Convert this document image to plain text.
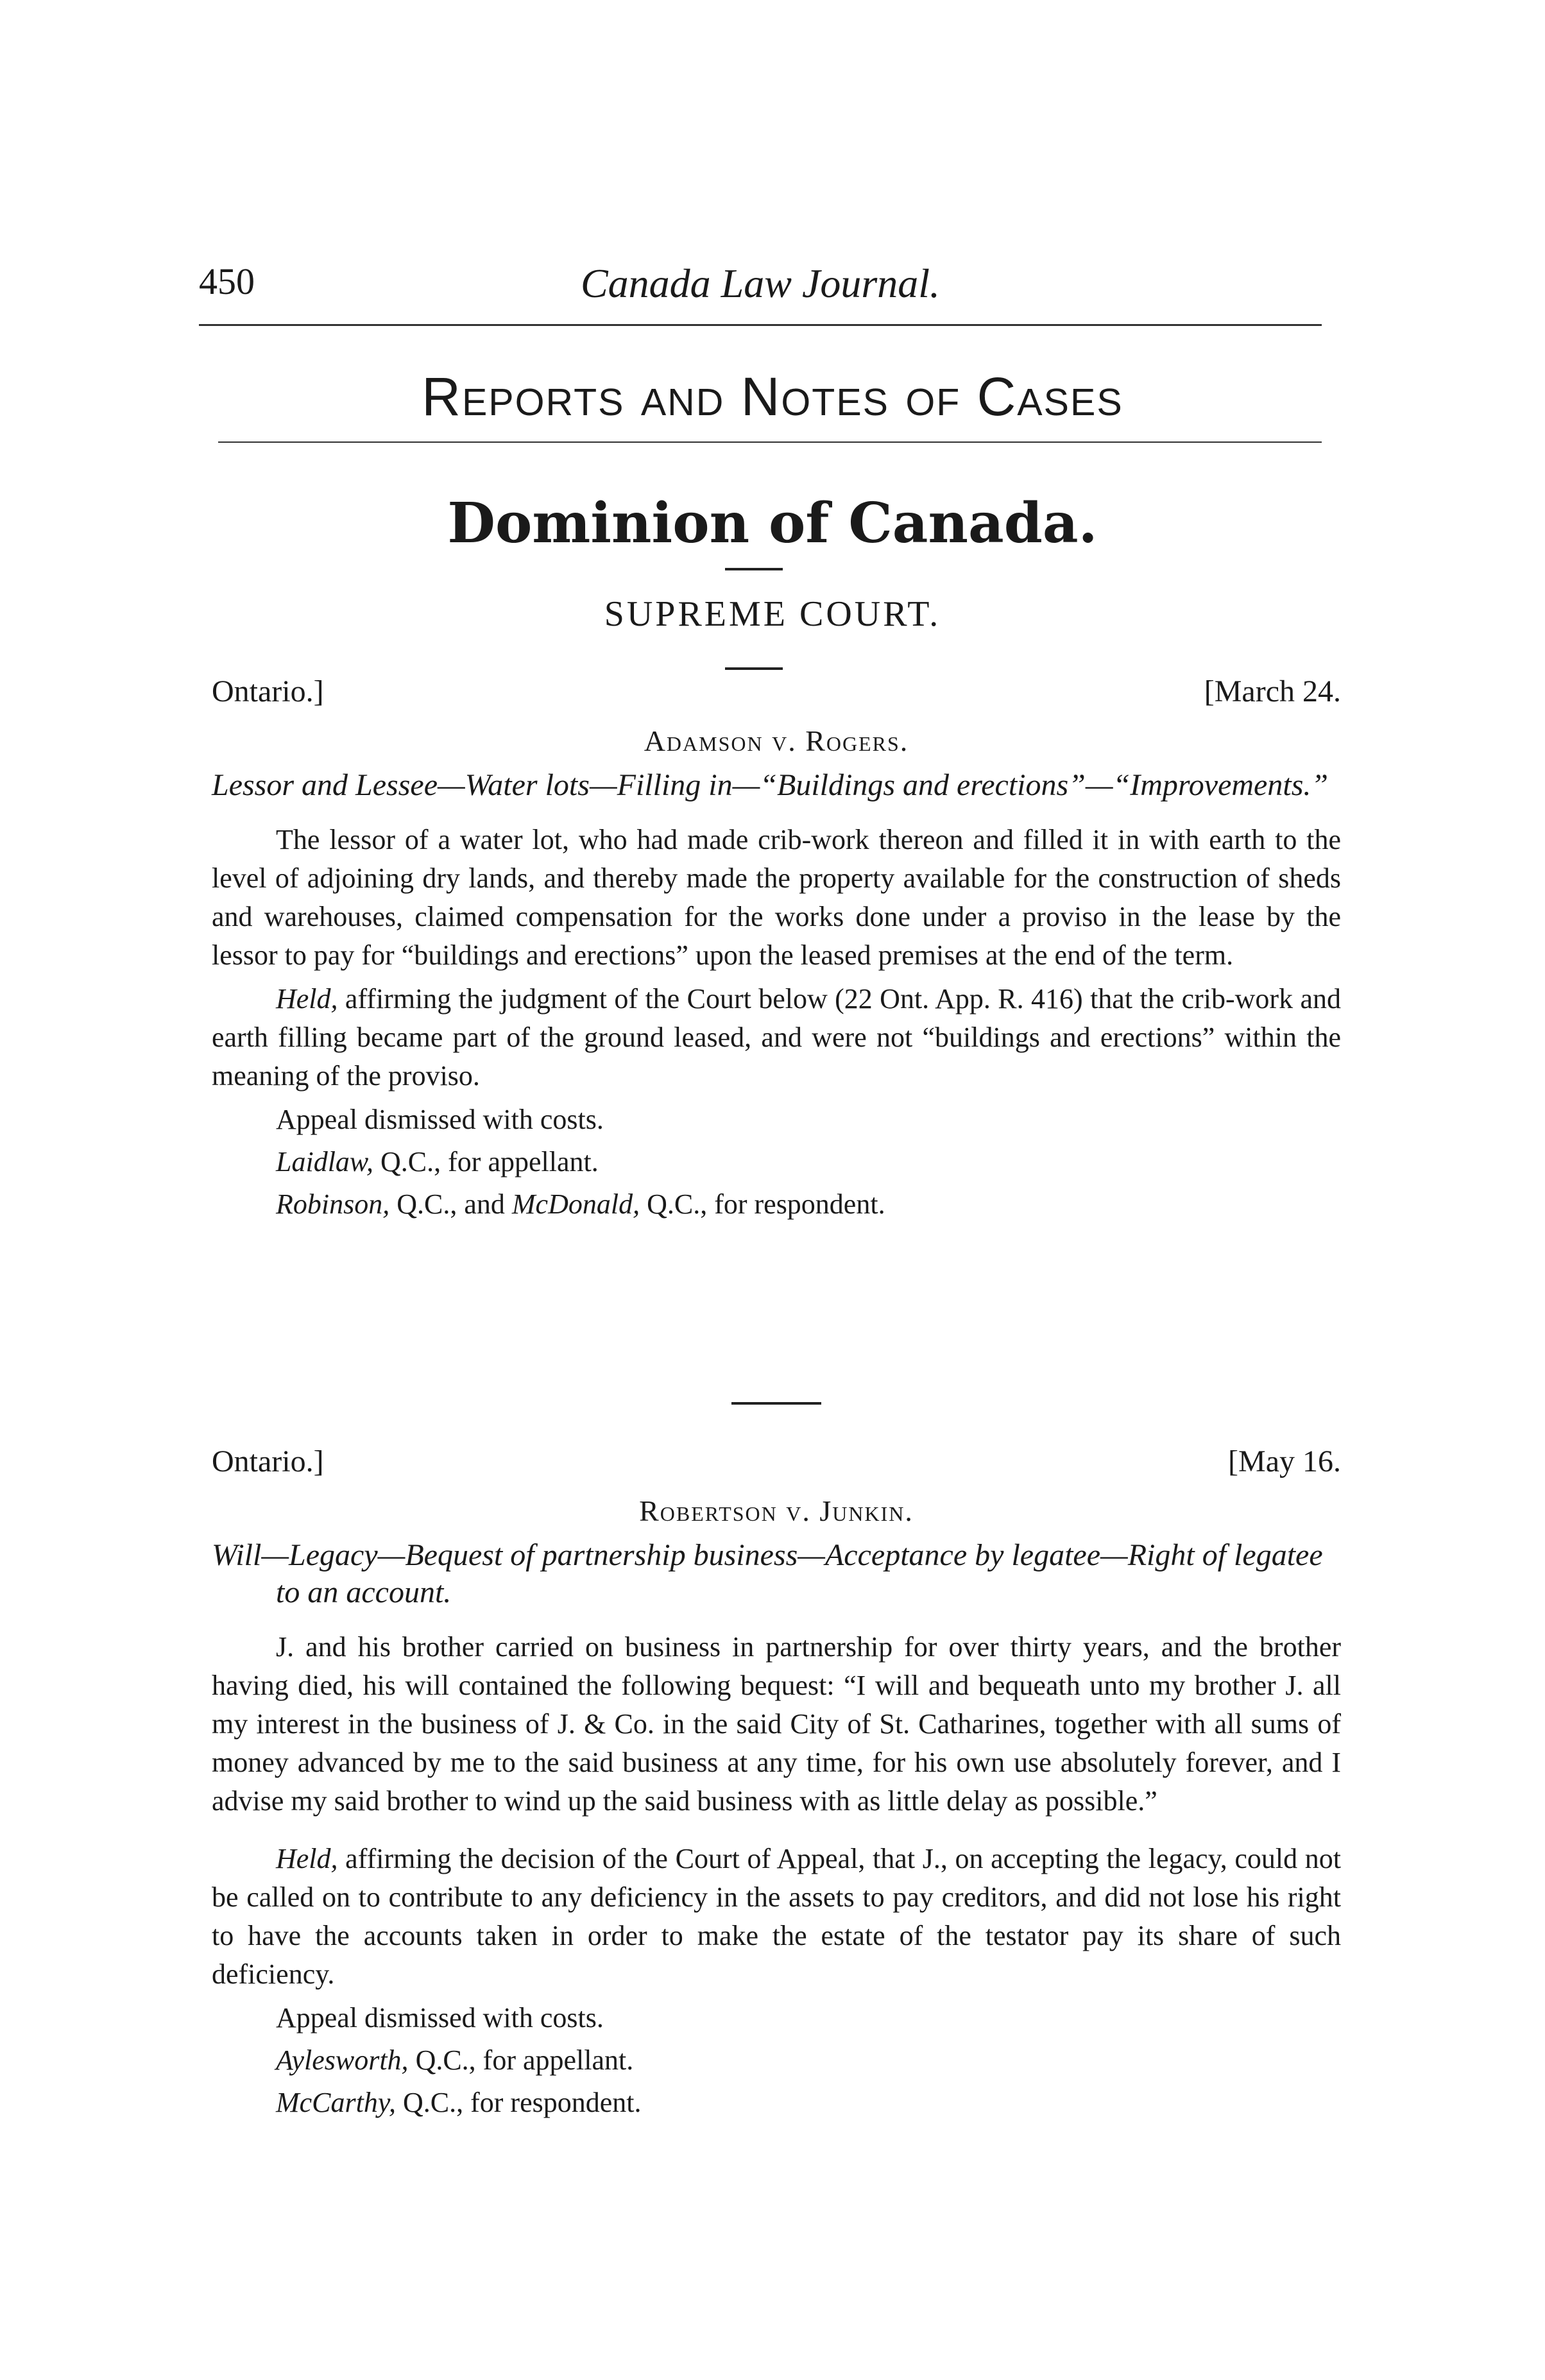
450	Canada Law Journal.
Reports and Notes of Cases
Dominion of Canada.
SUPREME COURT.
Ontario.]	[March 24.
Adamson v. Rogers.
Lessor and Lessee—Water lots—Filling in—“Buildings and erections”—“Improvements.”

The lessor of a water lot, who had made crib-work thereon and filled it in with earth to the level of adjoining dry lands, and thereby made the property available for the construction of sheds and warehouses, claimed compensation for the works done under a proviso in the lease by the lessor to pay for “buildings and erections” upon the leased premises at the end of the term.

Held, affirming the judgment of the Court below (22 Ont. App. R. 416) that the crib-work and earth filling became part of the ground leased, and were not “buildings and erections” within the meaning of the proviso.

Appeal dismissed with costs.

Laidlaw, Q.C., for appellant.

Robinson, Q.C., and McDonald, Q.C., for respondent.

Ontario.]	[May 16.
Robertson v. Junkin.
Will—Legacy—Bequest of partnership business—Acceptance by legatee—Right of legatee to an account.

J. and his brother carried on business in partnership for over thirty years, and the brother having died, his will contained the following bequest: “I will and bequeath unto my brother J. all my interest in the business of J. & Co. in the said City of St. Catharines, together with all sums of money advanced by me to the said business at any time, for his own use absolutely forever, and I advise my said brother to wind up the said business with as little delay as possible.”

Held, affirming the decision of the Court of Appeal, that J., on accepting the legacy, could not be called on to contribute to any deficiency in the assets to pay creditors, and did not lose his right to have the accounts taken in order to make the estate of the testator pay its share of such deficiency.

Appeal dismissed with costs.

Aylesworth, Q.C., for appellant.

McCarthy, Q.C., for respondent.
